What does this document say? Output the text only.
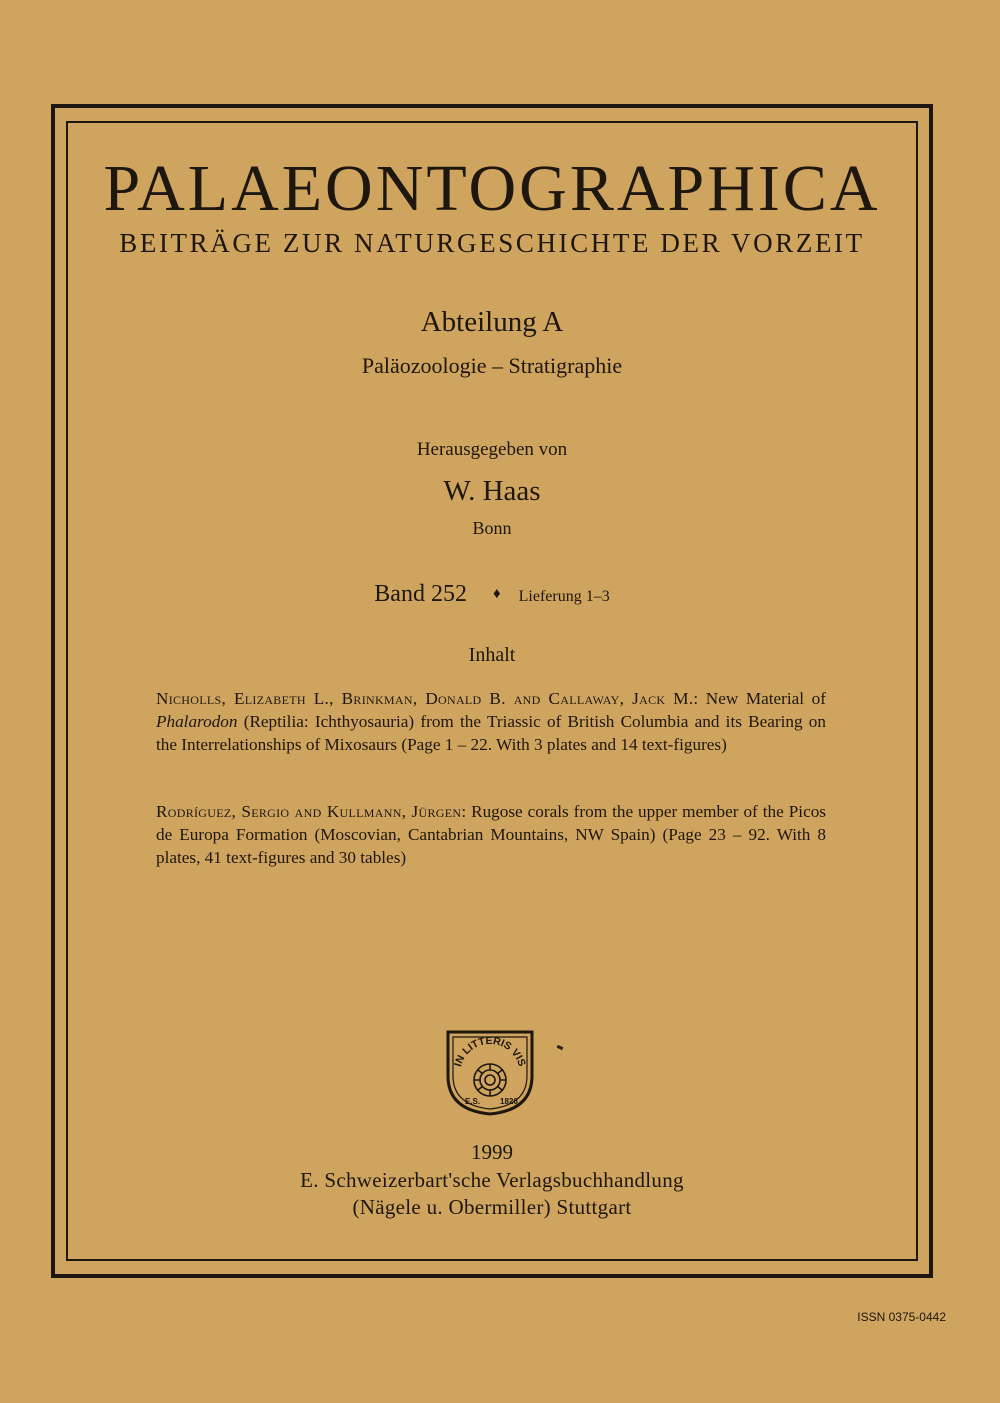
PALAEONTOGRAPHICA
BEITRÄGE ZUR NATURGESCHICHTE DER VORZEIT
Abteilung A
Paläozoologie – Stratigraphie
Herausgegeben von
W. Haas
Bonn
Band 252 ♦ Lieferung 1–3
Inhalt
Nicholls, Elizabeth L., Brinkman, Donald B. and Callaway, Jack M.: New Material of Phalarodon (Reptilia: Ichthyosauria) from the Triassic of British Columbia and its Bearing on the Interrelationships of Mixosaurs (Page 1 – 22. With 3 plates and 14 text-figures)
Rodríguez, Sergio and Kullmann, Jürgen: Rugose corals from the upper member of the Picos de Europa Formation (Moscovian, Cantabrian Mountains, NW Spain) (Page 23 – 92. With 8 plates, 41 text-figures and 30 tables)
IN LITTERIS VIS
E.S. 1826
1999
E. Schweizerbart'sche Verlagsbuchhandlung
(Nägele u. Obermiller) Stuttgart
ISSN 0375-0442
